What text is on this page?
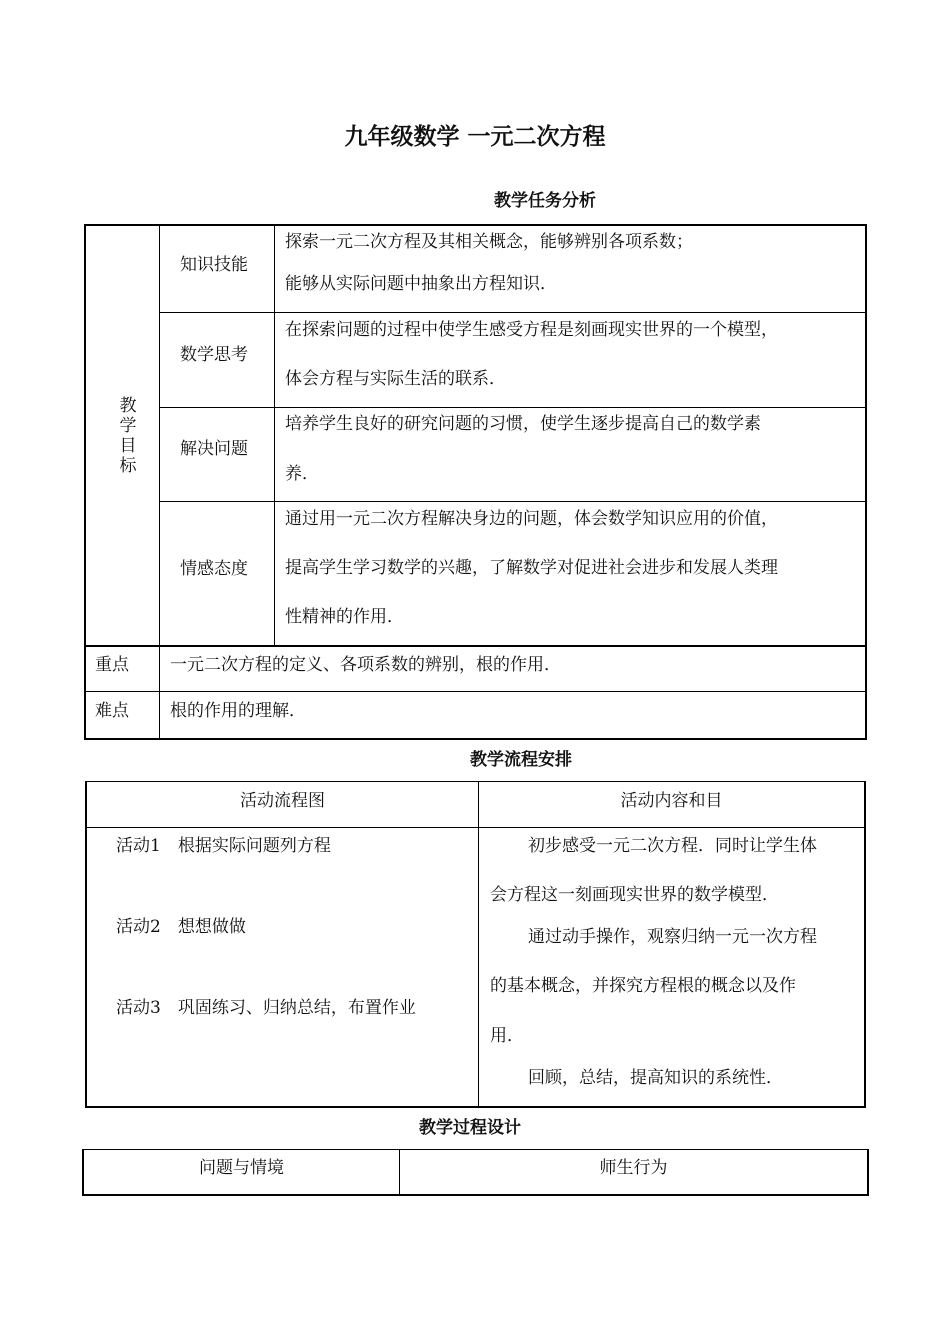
九年级数学 一元二次方程
教学任务分析
教
学
目
标
知识技能
探索一元二次方程及其相关概念，能够辨别各项系数；
能够从实际问题中抽象出方程知识．
数学思考
在探索问题的过程中使学生感受方程是刻画现实世界的一个模型，
体会方程与实际生活的联系．
解决问题
培养学生良好的研究问题的习惯，使学生逐步提高自己的数学素
养．
情感态度
通过用一元二次方程解决身边的问题，体会数学知识应用的价值，
提高学生学习数学的兴趣，了解数学对促进社会进步和发展人类理
性精神的作用．
重点 一元二次方程的定义、各项系数的辨别，根的作用．
难点 根的作用的理解．
教学流程安排
活动流程图	活动内容和目
活动1　根据实际问题列方程
活动2　想想做做
活动3　巩固练习、归纳总结，布置作业
初步感受一元二次方程．同时让学生体
会方程这一刻画现实世界的数学模型．
通过动手操作，观察归纳一元一次方程
的基本概念，并探究方程根的概念以及作
用．
回顾，总结，提高知识的系统性．
教学过程设计
问题与情境	师生行为
